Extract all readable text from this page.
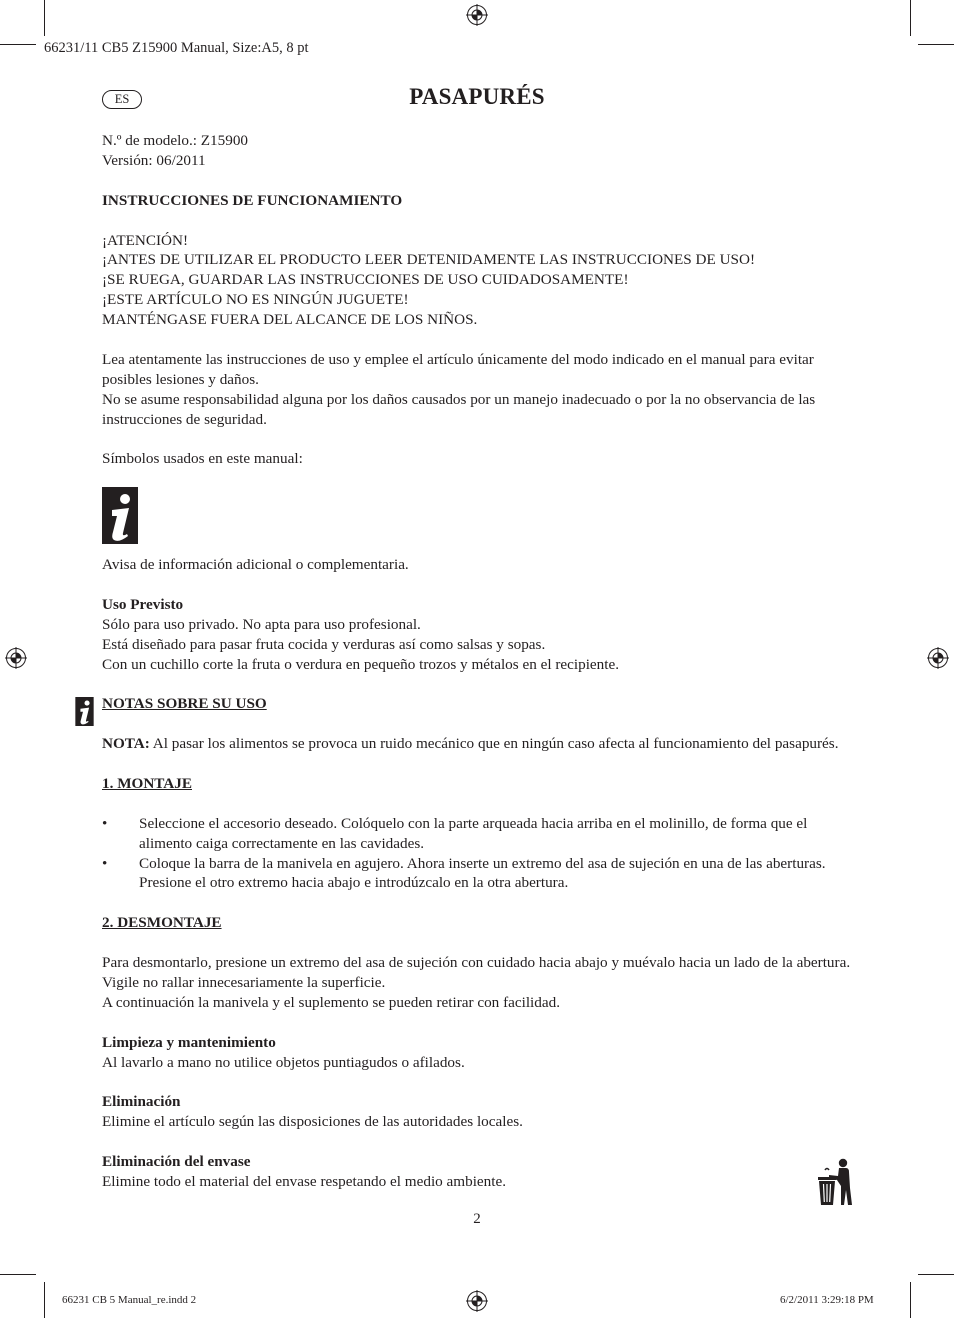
66231/11 CB5 Z15900 Manual, Size:A5, 8 pt
PASAPURÉS
ES

N.º de modelo.: Z15900

Versión: 06/2011

INSTRUCCIONES DE FUNCIONAMIENTO

¡ATENCIÓN!

¡ANTES DE UTILIZAR EL PRODUCTO LEER DETENIDAMENTE LAS INSTRUCCIONES DE USO!

¡SE RUEGA, GUARDAR LAS INSTRUCCIONES DE USO CUIDADOSAMENTE!

¡ESTE ARTÍCULO NO ES NINGÚN JUGUETE!

MANTÉNGASE FUERA DEL ALCANCE DE LOS NIÑOS.

Lea atentamente las instrucciones de uso y emplee el artículo únicamente del modo indicado en el manual para evitar posibles lesiones y daños.

No se asume responsabilidad alguna por los daños causados por un manejo inadecuado o por la no observancia de las instrucciones de seguridad.

Símbolos usados en este manual:

Avisa de información adicional o complementaria.

Uso Previsto

Sólo para uso privado. No apta para uso profesional.

Está diseñado para pasar fruta cocida y verduras así como salsas y sopas.

Con un cuchillo corte la fruta o verdura en pequeño trozos y métalos en el recipiente.

NOTAS SOBRE SU USO

NOTA: Al pasar los alimentos se provoca un ruido mecánico que en ningún caso afecta al funcionamiento del pasapurés.

1. MONTAJE

• Seleccione el accesorio deseado. Colóquelo con la parte arqueada hacia arriba en el molinillo, de forma que el alimento caiga correctamente en las cavidades.

• Coloque la barra de la manivela en agujero. Ahora inserte un extremo del asa de sujeción en una de las aberturas. Presione el otro extremo hacia abajo e introdúzcalo en la otra abertura.

2. DESMONTAJE

Para desmontarlo, presione un extremo del asa de sujeción con cuidado hacia abajo y muévalo hacia un lado de la abertura. Vigile no rallar innecesariamente la superficie.

A continuación la manivela y el suplemento se pueden retirar con facilidad.

Limpieza y mantenimiento

Al lavarlo a mano no utilice objetos puntiagudos o afilados.

Eliminación

Elimine el artículo según las disposiciones de las autoridades locales.

Eliminación del envase

Elimine todo el material del envase respetando el medio ambiente.

2
66231 CB 5 Manual_re.indd 2	6/2/2011 3:29:18 PM
